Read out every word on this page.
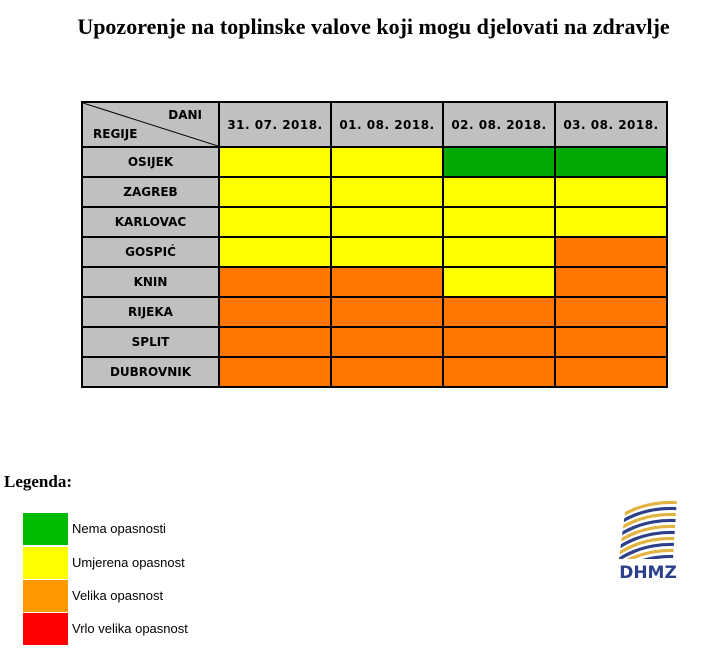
Upozorenje na toplinske valove koji mogu djelovati na zdravlje
DANI
REGIJE	31. 07. 2018.	01. 08. 2018.	02. 08. 2018.	03. 08. 2018.
OSIJEK				
ZAGREB				
KARLOVAC				
GOSPIĆ				
KNIN				
RIJEKA				
SPLIT				
DUBROVNIK				
Legenda:
Nema opasnosti
Umjerena opasnost
Velika opasnost
Vrlo velika opasnost
DHMZ
